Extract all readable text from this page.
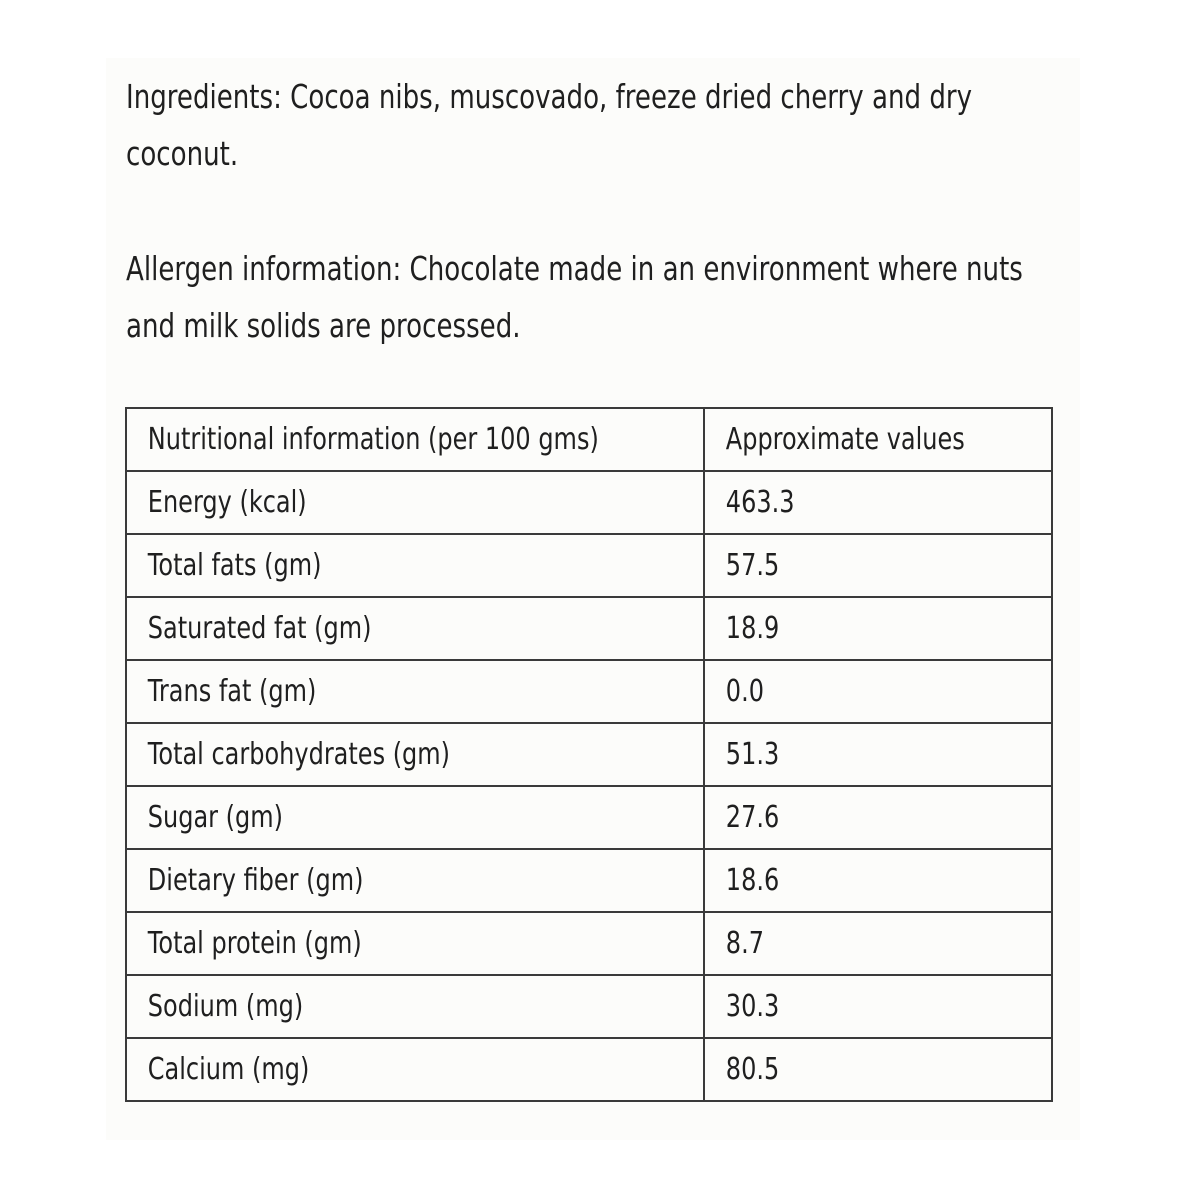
Ingredients: Cocoa nibs, muscovado, freeze dried cherry and dry
coconut.

Allergen information: Chocolate made in an environment where nuts
and milk solids are processed.

Nutritional information (per 100 gms)	Approximate values
Energy (kcal)	463.3
Total fats (gm)	57.5
Saturated fat (gm)	18.9
Trans fat (gm)	0.0
Total carbohydrates (gm)	51.3
Sugar (gm)	27.6
Dietary fiber (gm)	18.6
Total protein (gm)	8.7
Sodium (mg)	30.3
Calcium (mg)	80.5
